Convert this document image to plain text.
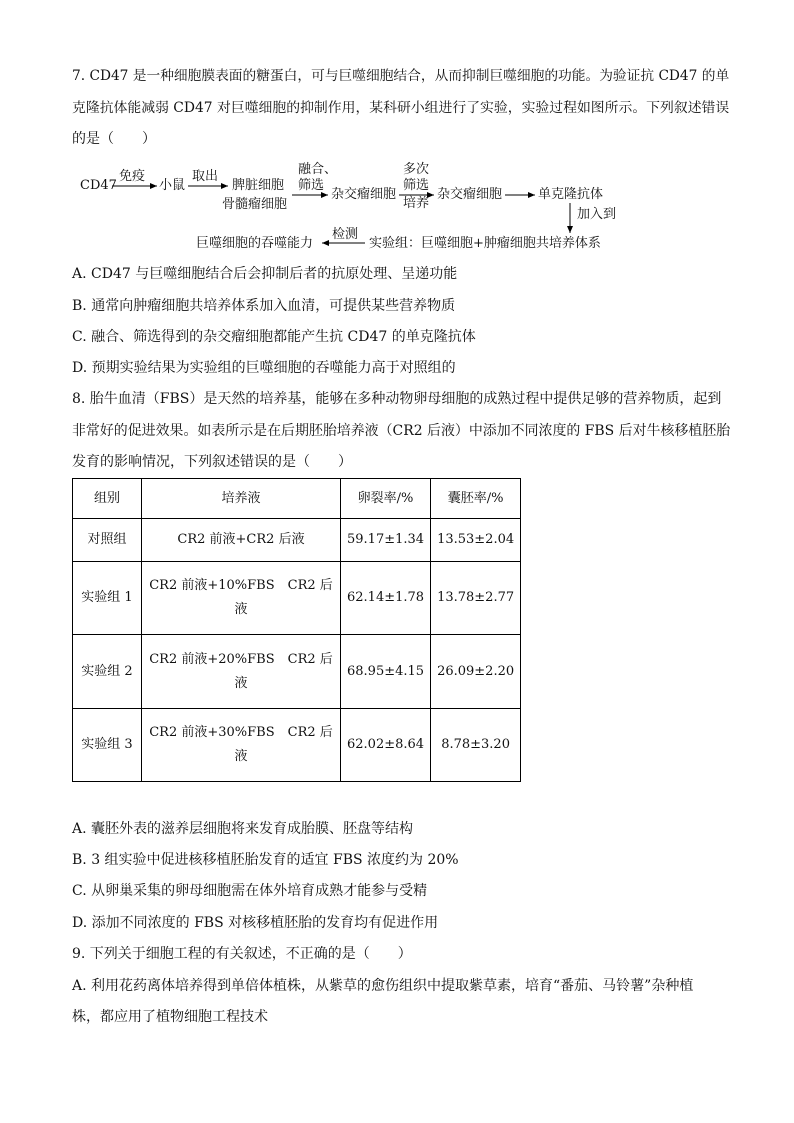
7. CD47 是一种细胞膜表面的糖蛋白，可与巨噬细胞结合，从而抑制巨噬细胞的功能。为验证抗 CD47 的单
克隆抗体能减弱 CD47 对巨噬细胞的抑制作用，某科研小组进行了实验，实验过程如图所示。下列叙述错误
的是（　　）
CD47
免疫
小鼠
取出
脾脏细胞
骨髓瘤细胞
融合、
筛选
杂交瘤细胞
多次
筛选
培养
杂交瘤细胞	单克隆抗体
加入到
巨噬细胞的吞噬能力
检测
实验组：巨噬细胞+肿瘤细胞共培养体系
A. CD47 与巨噬细胞结合后会抑制后者的抗原处理、呈递功能
B. 通常向肿瘤细胞共培养体系加入血清，可提供某些营养物质
C. 融合、筛选得到的杂交瘤细胞都能产生抗 CD47 的单克隆抗体
D. 预期实验结果为实验组的巨噬细胞的吞噬能力高于对照组的
8. 胎牛血清（FBS）是天然的培养基，能够在多种动物卵母细胞的成熟过程中提供足够的营养物质，起到
非常好的促进效果。如表所示是在后期胚胎培养液（CR2 后液）中添加不同浓度的 FBS 后对牛核移植胚胎
发育的影响情况，下列叙述错误的是（　　）
组别	培养液	卵裂率/%	囊胚率/%
对照组	CR2 前液+CR2 后液	59.17±1.34	13.53±2.04
实验组 1	CR2 前液+10%FBS　CR2 后
液	62.14±1.78	13.78±2.77
实验组 2	CR2 前液+20%FBS　CR2 后
液	68.95±4.15	26.09±2.20
实验组 3	CR2 前液+30%FBS　CR2 后
液	62.02±8.64	8.78±3.20
A. 囊胚外表的滋养层细胞将来发育成胎膜、胚盘等结构
B. 3 组实验中促进核移植胚胎发育的适宜 FBS 浓度约为 20%
C. 从卵巢采集的卵母细胞需在体外培育成熟才能参与受精
D. 添加不同浓度的 FBS 对核移植胚胎的发育均有促进作用
9. 下列关于细胞工程的有关叙述，不正确的是（　　）
A. 利用花药离体培养得到单倍体植株，从紫草的愈伤组织中提取紫草素，培育“番茄、马铃薯”杂种植
株，都应用了植物细胞工程技术
